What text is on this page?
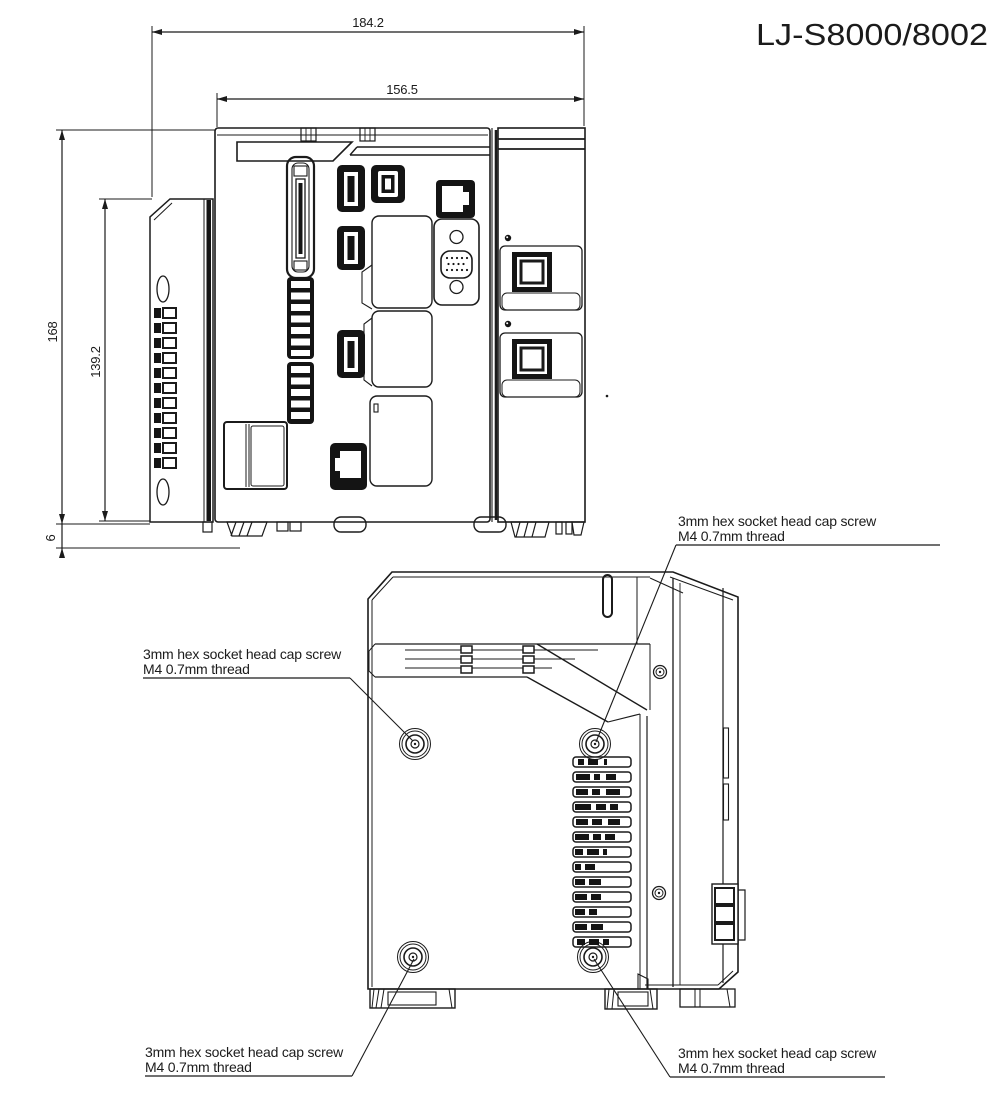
LJ-S8000/8002
184.2
156.5
168
139.2
6
3mm hex socket head cap screw
M4 0.7mm thread
3mm hex socket head cap screw
M4 0.7mm thread
3mm hex socket head cap screw
M4 0.7mm thread
3mm hex socket head cap screw
M4 0.7mm thread
